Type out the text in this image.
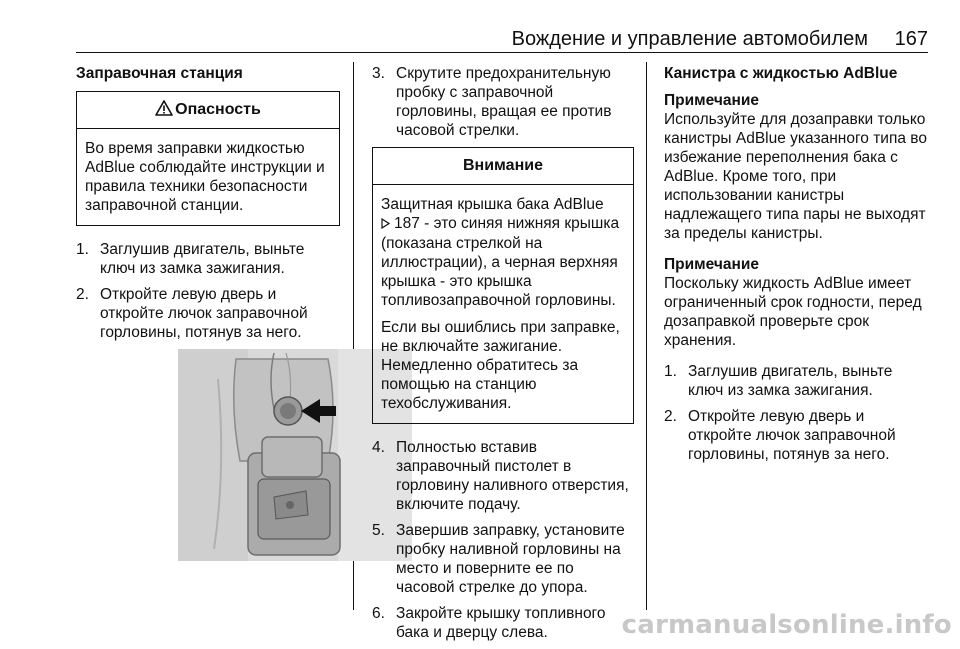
Вождение и управление автомобилем 167
Заправочная станция
Опасность

Во время заправки жидкостью AdBlue соблюдайте инструкции и правила техники безопасности заправочной станции.

1. Заглушив двигатель, выньте ключ из замка зажигания.
2. Откройте левую дверь и откройте лючок заправочной горловины, потянув за него.
3. Скрутите предохранительную пробку с заправочной горловины, вращая ее против часовой стрелки.
Внимание

Защитная крышка бака AdBlue
187 - это синяя нижняя крышка (показана стрелкой на иллюстрации), а черная верхняя крышка - это крышка топливозаправочной горловины.

Если вы ошиблись при заправке, не включайте зажигание. Немедленно обратитесь за помощью на станцию техобслуживания.

4. Полностью вставив заправочный пистолет в горловину наливного отверстия, включите подачу.
5. Завершив заправку, установите пробку наливной горловины на место и поверните ее по часовой стрелке до упора.
6. Закройте крышку топливного бака и дверцу слева.
Канистра с жидкостью AdBlue
Примечание
Используйте для дозаправки только канистры AdBlue указанного типа во избежание переполнения бака с AdBlue. Кроме того, при использовании канистры надлежащего типа пары не выходят за пределы канистры.
Примечание
Поскольку жидкость AdBlue имеет ограниченный срок годности, перед дозаправкой проверьте срок хранения.
1. Заглушив двигатель, выньте ключ из замка зажигания.
2. Откройте левую дверь и откройте лючок заправочной горловины, потянув за него.
carmanualsonline.info
